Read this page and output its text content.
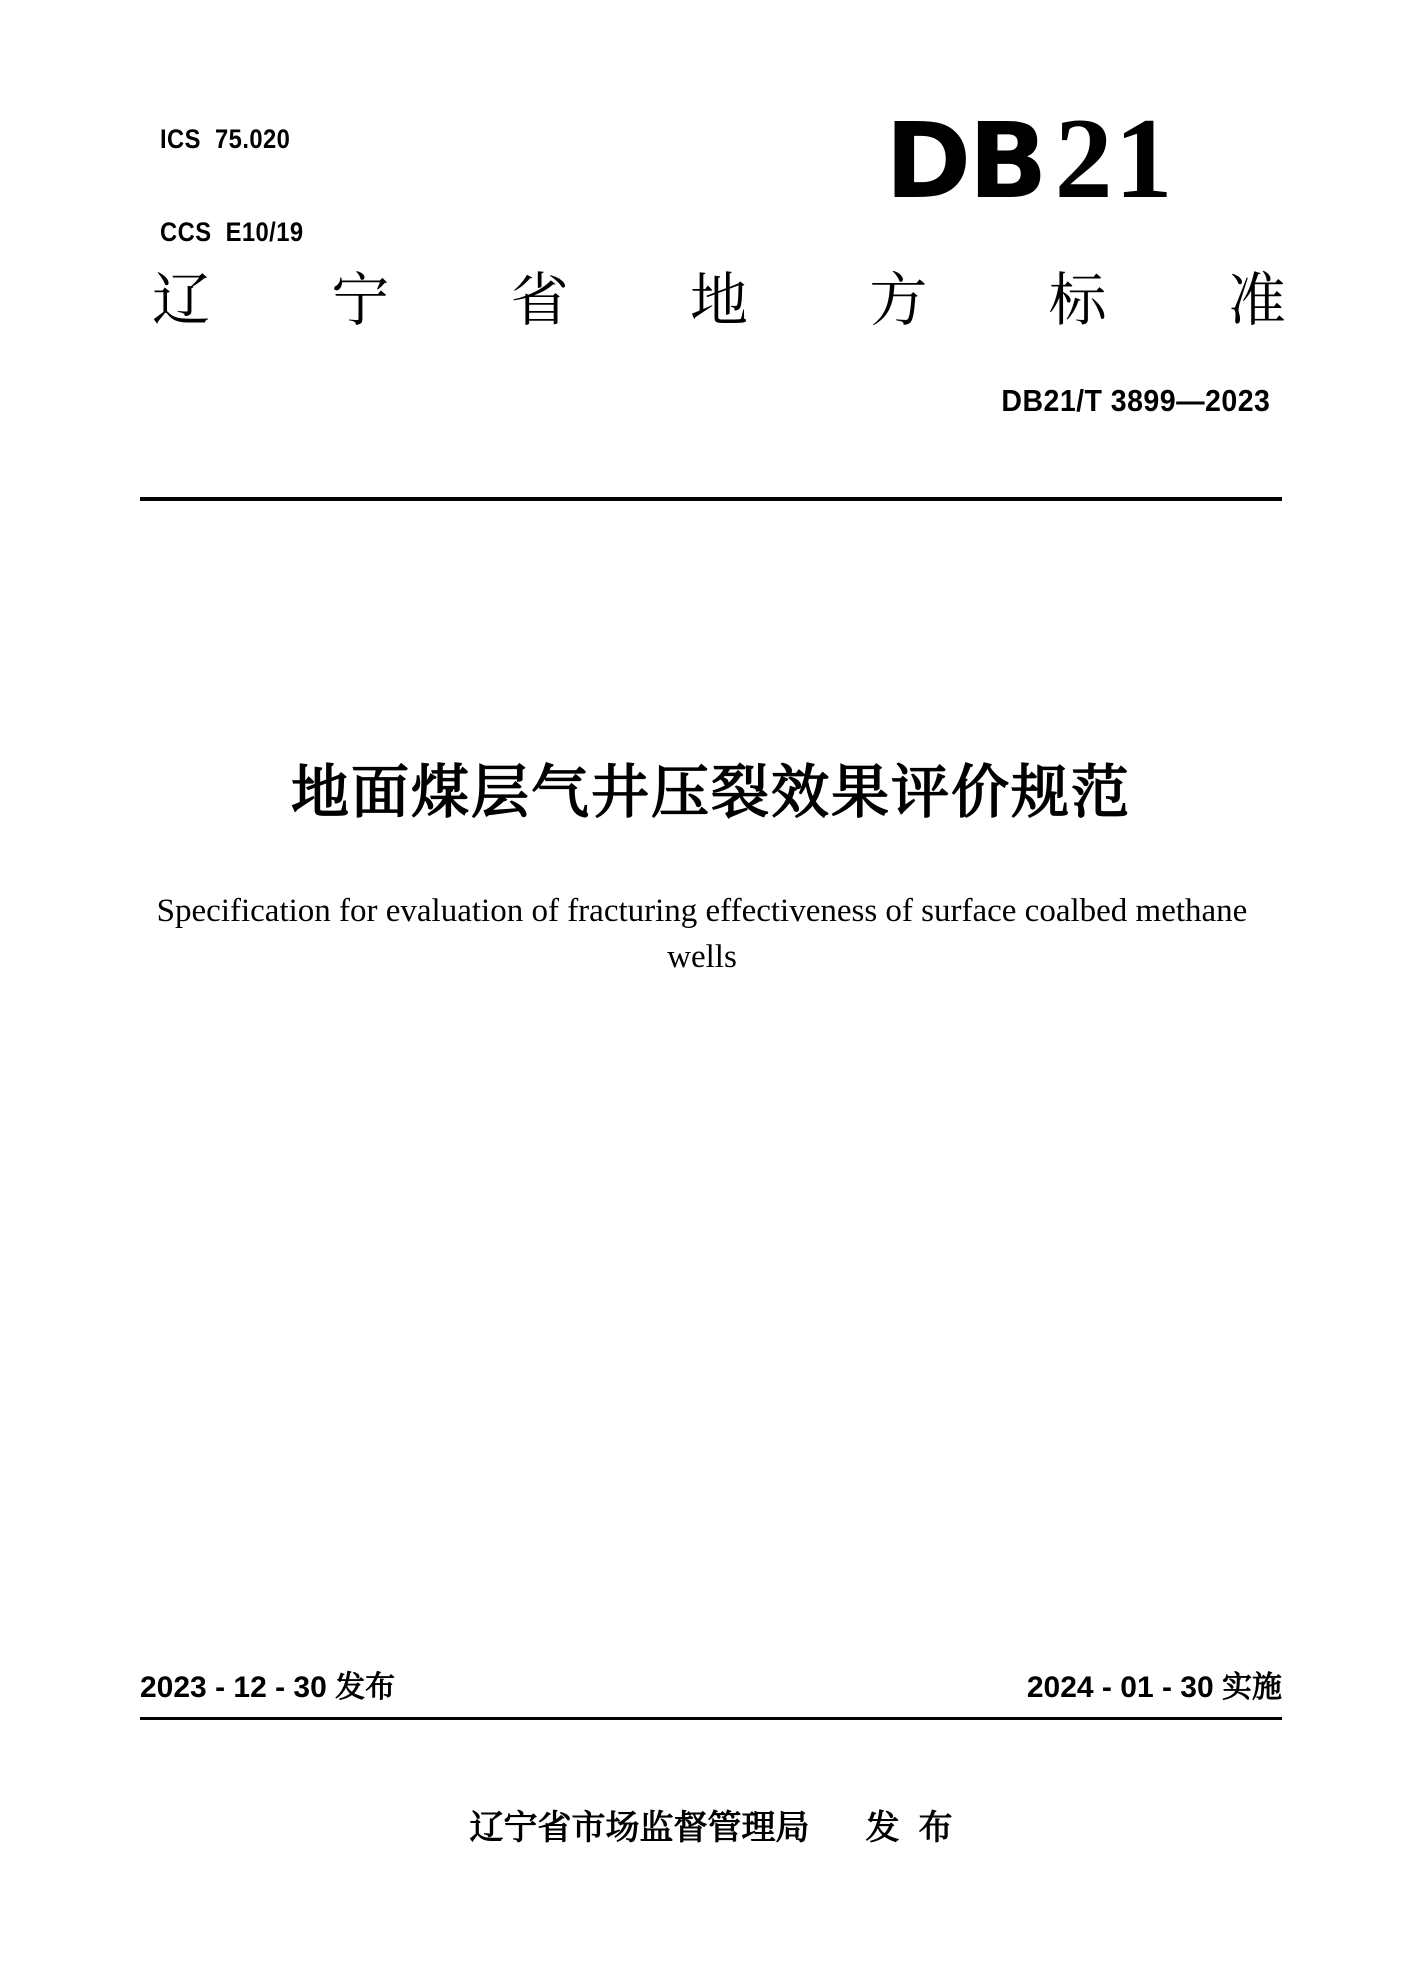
ICS  75.020

CCS  E10/19

DB 21
辽 宁 省 地 方 标 准
DB21/T 3899—2023
地面煤层气井压裂效果评价规范
Specification for evaluation of fracturing effectiveness of surface coalbed methane
wells
2023 - 12 - 30 发布	2024 - 01 - 30 实施
辽宁省市场监督管理局 发  布
